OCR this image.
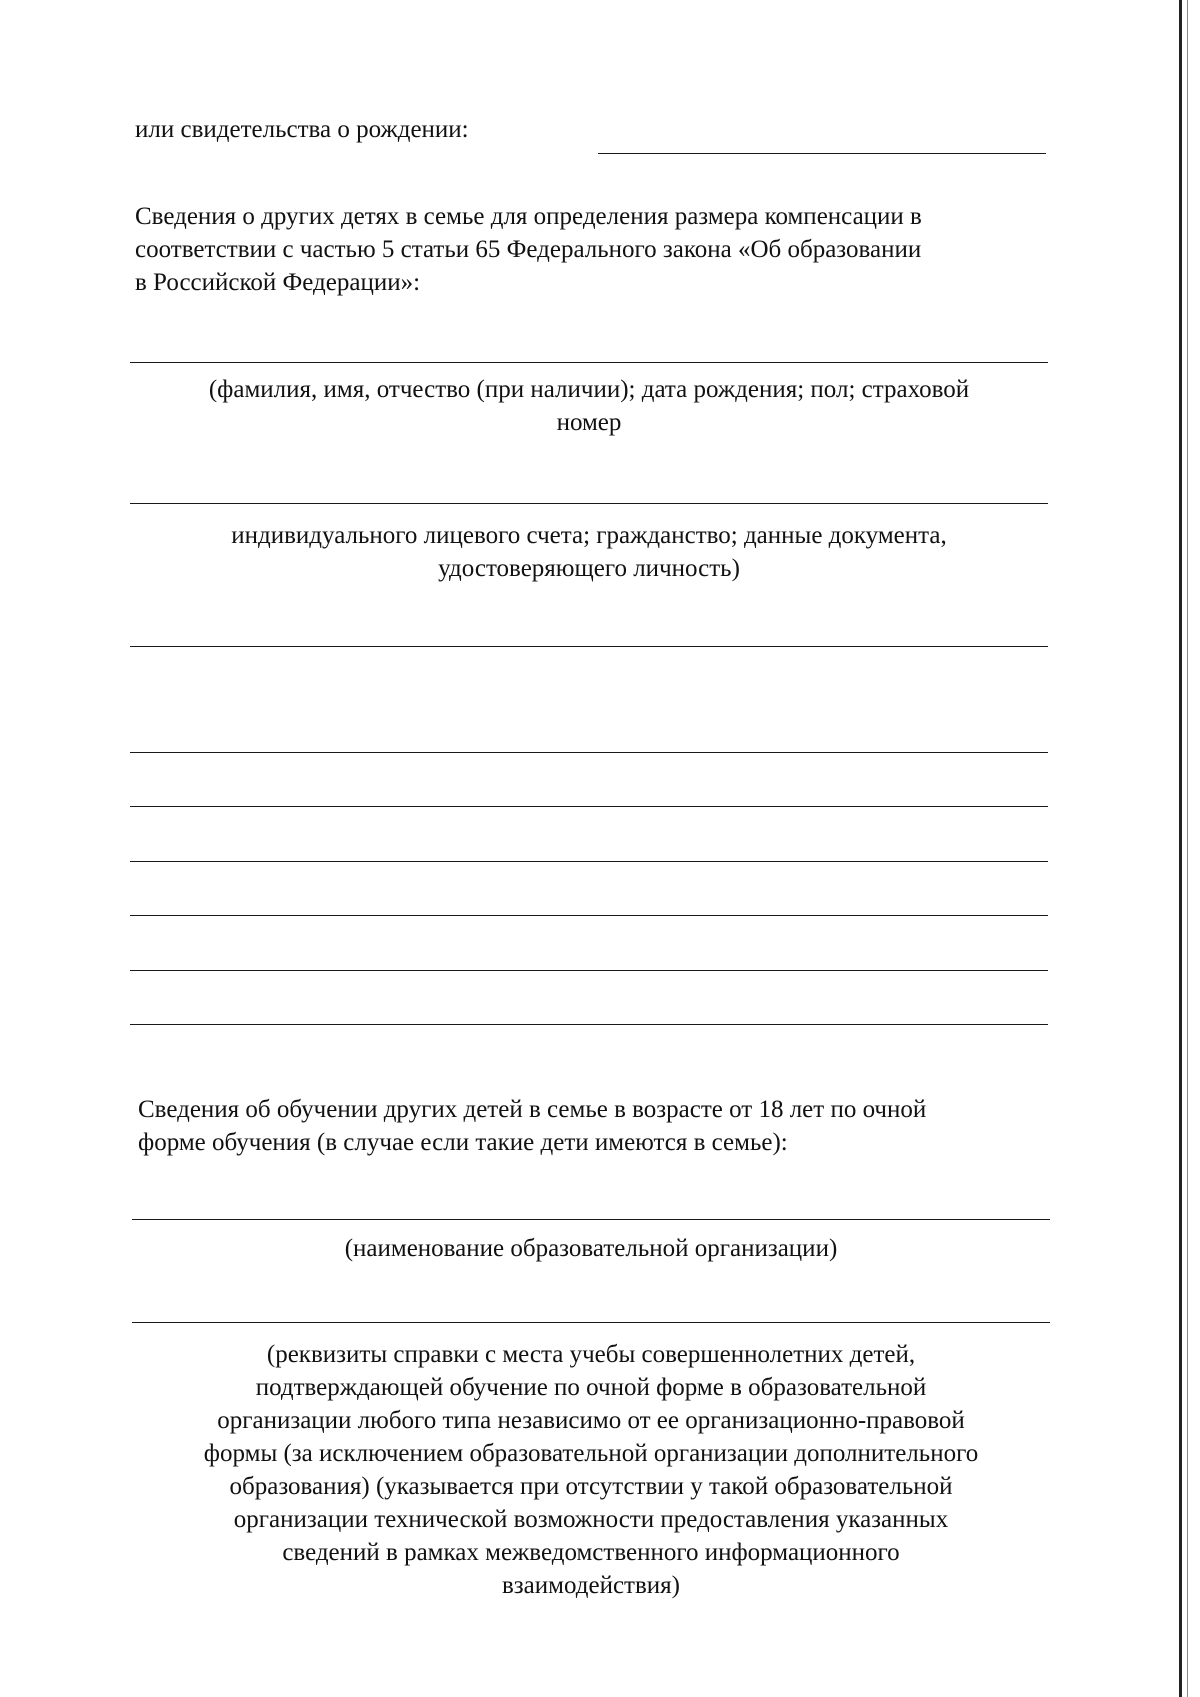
или свидетельства о рождении:
Сведения о других детях в семье для определения размера компенсации в
соответствии с частью 5 статьи 65 Федерального закона «Об образовании
в Российской Федерации»:
(фамилия, имя, отчество (при наличии); дата рождения; пол; страховой
номер
индивидуального лицевого счета; гражданство; данные документа,
удостоверяющего личность)
Сведения об обучении других детей в семье в возрасте от 18 лет по очной
форме обучения (в случае если такие дети имеются в семье):
(наименование образовательной организации)
(реквизиты справки с места учебы совершеннолетних детей,
подтверждающей обучение по очной форме в образовательной
организации любого типа независимо от ее организационно-правовой
формы (за исключением образовательной организации дополнительного
образования) (указывается при отсутствии у такой образовательной
организации технической возможности предоставления указанных
сведений в рамках межведомственного информационного
взаимодействия)
